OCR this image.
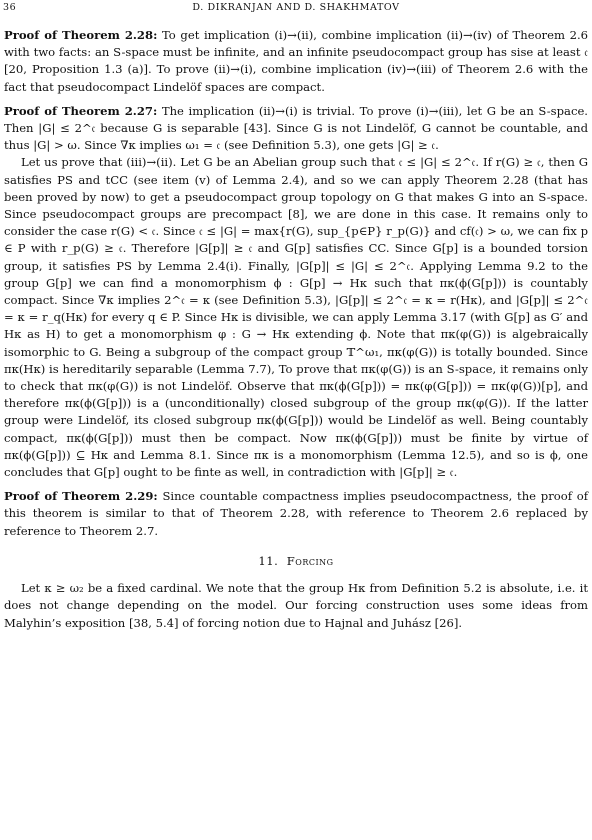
36	D. DIKRANJAN AND D. SHAKHMATOV

Proof of Theorem 2.28: To get implication (i)→(ii), combine implication (ii)→(iv) of Theorem 2.6 with two facts: an S-space must be infinite, and an infinite pseudocompact group has sise at least 𝔠 [20, Proposition 1.3 (a)]. To prove (ii)→(i), combine implication (iv)→(iii) of Theorem 2.6 with the fact that pseudocompact Lindelöf spaces are compact.

Proof of Theorem 2.27: The implication (ii)→(i) is trivial. To prove (i)→(iii), let G be an S-space. Then |G| ≤ 2^𝔠 because G is separable [43]. Since G is not Lindelöf, G cannot be countable, and thus |G| > ω. Since ∇κ implies ω₁ = 𝔠 (see Definition 5.3), one gets |G| ≥ 𝔠.

Let us prove that (iii)→(ii). Let G be an Abelian group such that 𝔠 ≤ |G| ≤ 2^𝔠. If r(G) ≥ 𝔠, then G satisfies PS and tCC (see item (v) of Lemma 2.4), and so we can apply Theorem 2.28 (that has been proved by now) to get a pseudocompact group topology on G that makes G into an S-space. Since pseudocompact groups are precompact [8], we are done in this case. It remains only to consider the case r(G) < 𝔠. Since 𝔠 ≤ |G| = max{r(G), sup_{p∈P} r_p(G)} and cf(𝔠) > ω, we can fix p ∈ P with r_p(G) ≥ 𝔠. Therefore |G[p]| ≥ 𝔠 and G[p] satisfies CC. Since G[p] is a bounded torsion group, it satisfies PS by Lemma 2.4(i). Finally, |G[p]| ≤ |G| ≤ 2^𝔠. Applying Lemma 9.2 to the group G[p] we can find a monomorphism ϕ : G[p] → Hκ such that πκ(ϕ(G[p])) is countably compact. Since ∇κ implies 2^𝔠 = κ (see Definition 5.3), |G[p]| ≤ 2^𝔠 = κ = r(Hκ), and |G[p]| ≤ 2^𝔠 = κ = r_q(Hκ) for every q ∈ P. Since Hκ is divisible, we can apply Lemma 3.17 (with G[p] as G′ and Hκ as H) to get a monomorphism φ : G → Hκ extending ϕ. Note that πκ(φ(G)) is algebraically isomorphic to G. Being a subgroup of the compact group 𝕋^ω₁, πκ(φ(G)) is totally bounded. Since πκ(Hκ) is hereditarily separable (Lemma 7.7), To prove that πκ(φ(G)) is an S-space, it remains only to check that πκ(φ(G)) is not Lindelöf. Observe that πκ(ϕ(G[p])) = πκ(φ(G[p])) = πκ(φ(G))[p], and therefore πκ(ϕ(G[p])) is a (unconditionally) closed subgroup of the group πκ(φ(G)). If the latter group were Lindelöf, its closed subgroup πκ(ϕ(G[p])) would be Lindelöf as well. Being countably compact, πκ(ϕ(G[p])) must then be compact. Now πκ(ϕ(G[p])) must be finite by virtue of πκ(ϕ(G[p])) ⊆ Hκ and Lemma 8.1. Since πκ is a monomorphism (Lemma 12.5), and so is ϕ, one concludes that G[p] ought to be finte as well, in contradiction with |G[p]| ≥ 𝔠.

Proof of Theorem 2.29: Since countable compactness implies pseudocompactness, the proof of this theorem is similar to that of Theorem 2.28, with reference to Theorem 2.6 replaced by reference to Theorem 2.7.

11. Forcing

Let κ ≥ ω₂ be a fixed cardinal. We note that the group Hκ from Definition 5.2 is absolute, i.e. it does not change depending on the model. Our forcing construction uses some ideas from Malyhin’s exposition [38, 5.4] of forcing notion due to Hajnal and Juhász [26].
